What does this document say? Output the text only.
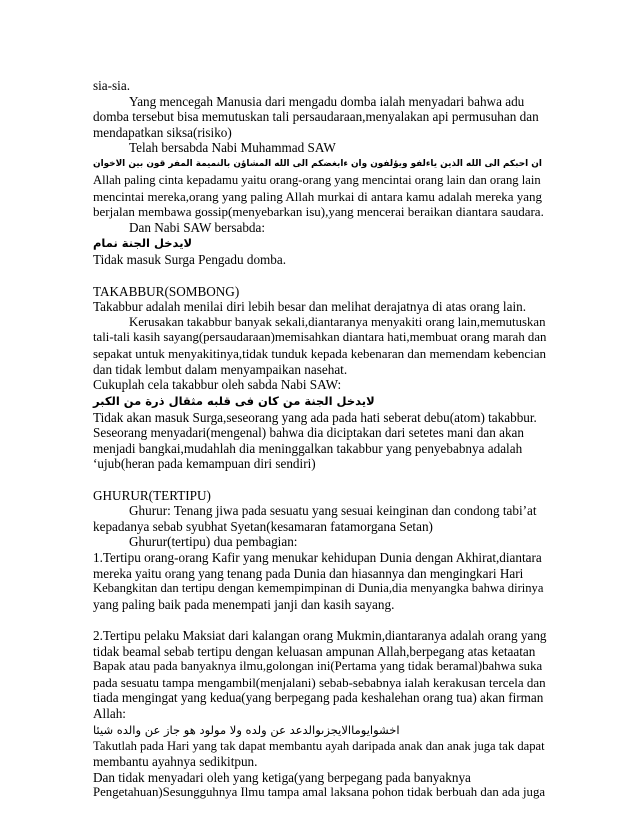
sia-sia.
Yang mencegah Manusia dari mengadu domba ialah menyadari bahwa adu
domba tersebut bisa memutuskan tali persaudaraan,menyalakan api permusuhan dan
mendapatkan siksa(risiko)
Telah bersabda Nabi Muhammad SAW
ان احبكم الى الله الذين ياءلفو ويؤلفون وان ءابغضكم الى الله المشاؤن بالنميمة المفر قون بين الاخوان
Allah paling cinta kepadamu yaitu orang-orang yang mencintai orang lain dan orang lain
mencintai mereka,orang yang paling Allah murkai di antara kamu adalah mereka yang
berjalan membawa gossip(menyebarkan isu),yang mencerai beraikan diantara saudara.
Dan Nabi SAW bersabda:
لايدخل الجنة نمام
Tidak masuk Surga Pengadu domba.
TAKABBUR(SOMBONG)
Takabbur adalah menilai diri lebih besar dan melihat derajatnya di atas orang lain.
Kerusakan takabbur banyak sekali,diantaranya menyakiti orang lain,memutuskan
tali-tali kasih sayang(persaudaraan)memisahkan diantara hati,membuat orang marah dan
sepakat untuk menyakitinya,tidak tunduk kepada kebenaran dan memendam kebencian
dan tidak lembut dalam menyampaikan nasehat.
Cukuplah cela takabbur oleh sabda Nabi SAW:
لايدخل الجنة من كان فى قلبه مثقال ذرة من الكبر
Tidak akan masuk Surga,seseorang yang ada pada hati seberat debu(atom) takabbur.
Seseorang menyadari(mengenal) bahwa dia diciptakan dari setetes mani dan akan
menjadi bangkai,mudahlah dia meninggalkan takabbur yang penyebabnya adalah
‘ujub(heran pada kemampuan diri sendiri)
GHURUR(TERTIPU)
Ghurur: Tenang jiwa pada sesuatu yang sesuai keinginan dan condong tabi’at
kepadanya sebab syubhat Syetan(kesamaran fatamorgana Setan)
Ghurur(tertipu) dua pembagian:
1.Tertipu orang-orang Kafir yang menukar kehidupan Dunia dengan Akhirat,diantara
mereka yaitu orang yang tenang pada Dunia dan hiasannya dan mengingkari Hari
Kebangkitan dan tertipu dengan kemempimpinan di Dunia,dia menyangka bahwa dirinya
yang paling baik pada menempati janji dan kasih sayang.
2.Tertipu pelaku Maksiat dari kalangan orang Mukmin,diantaranya adalah orang yang
tidak beamal sebab tertipu dengan keluasan ampunan Allah,berpegang atas ketaatan
Bapak atau pada banyaknya ilmu,golongan ini(Pertama yang tidak beramal)bahwa suka
pada sesuatu tampa mengambil(menjalani) sebab-sebabnya ialah kerakusan tercela dan
tiada mengingat yang kedua(yang berpegang pada keshalehan orang tua) akan firman
Allah:
اخشوايوماالايجزىوالدعد عن ولده ولا مولود هو جاز عن والده شيئا
Takutlah pada Hari yang tak dapat membantu ayah daripada anak dan anak juga tak dapat
membantu ayahnya sedikitpun.
Dan tidak menyadari oleh yang ketiga(yang berpegang pada banyaknya
Pengetahuan)Sesungguhnya Ilmu tampa amal laksana pohon tidak berbuah dan ada juga
